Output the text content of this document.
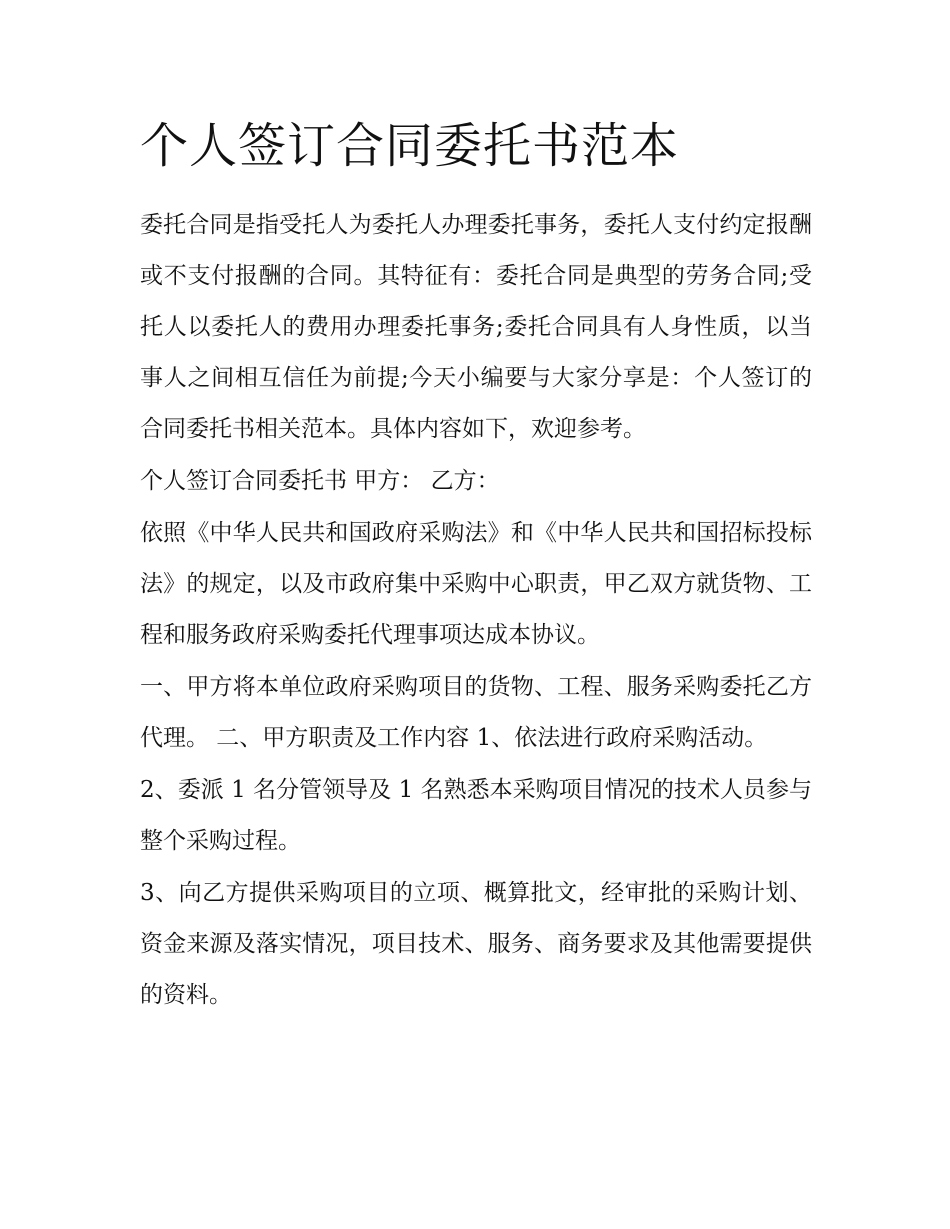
个人签订合同委托书范本

委托合同是指受托人为委托人办理委托事务，委托人支付约定报酬或不支付报酬的合同。其特征有：委托合同是典型的劳务合同;受托人以委托人的费用办理委托事务;委托合同具有人身性质，以当事人之间相互信任为前提;今天小编要与大家分享是：个人签订的合同委托书相关范本。具体内容如下，欢迎参考。

个人签订合同委托书 甲方： 乙方：

依照《中华人民共和国政府采购法》和《中华人民共和国招标投标法》的规定，以及市政府集中采购中心职责，甲乙双方就货物、工程和服务政府采购委托代理事项达成本协议。

一、甲方将本单位政府采购项目的货物、工程、服务采购委托乙方代理。 二、甲方职责及工作内容 1、依法进行政府采购活动。

2、委派 1 名分管领导及 1 名熟悉本采购项目情况的技术人员参与整个采购过程。

3、向乙方提供采购项目的立项、概算批文，经审批的采购计划、资金来源及落实情况，项目技术、服务、商务要求及其他需要提供的资料。
